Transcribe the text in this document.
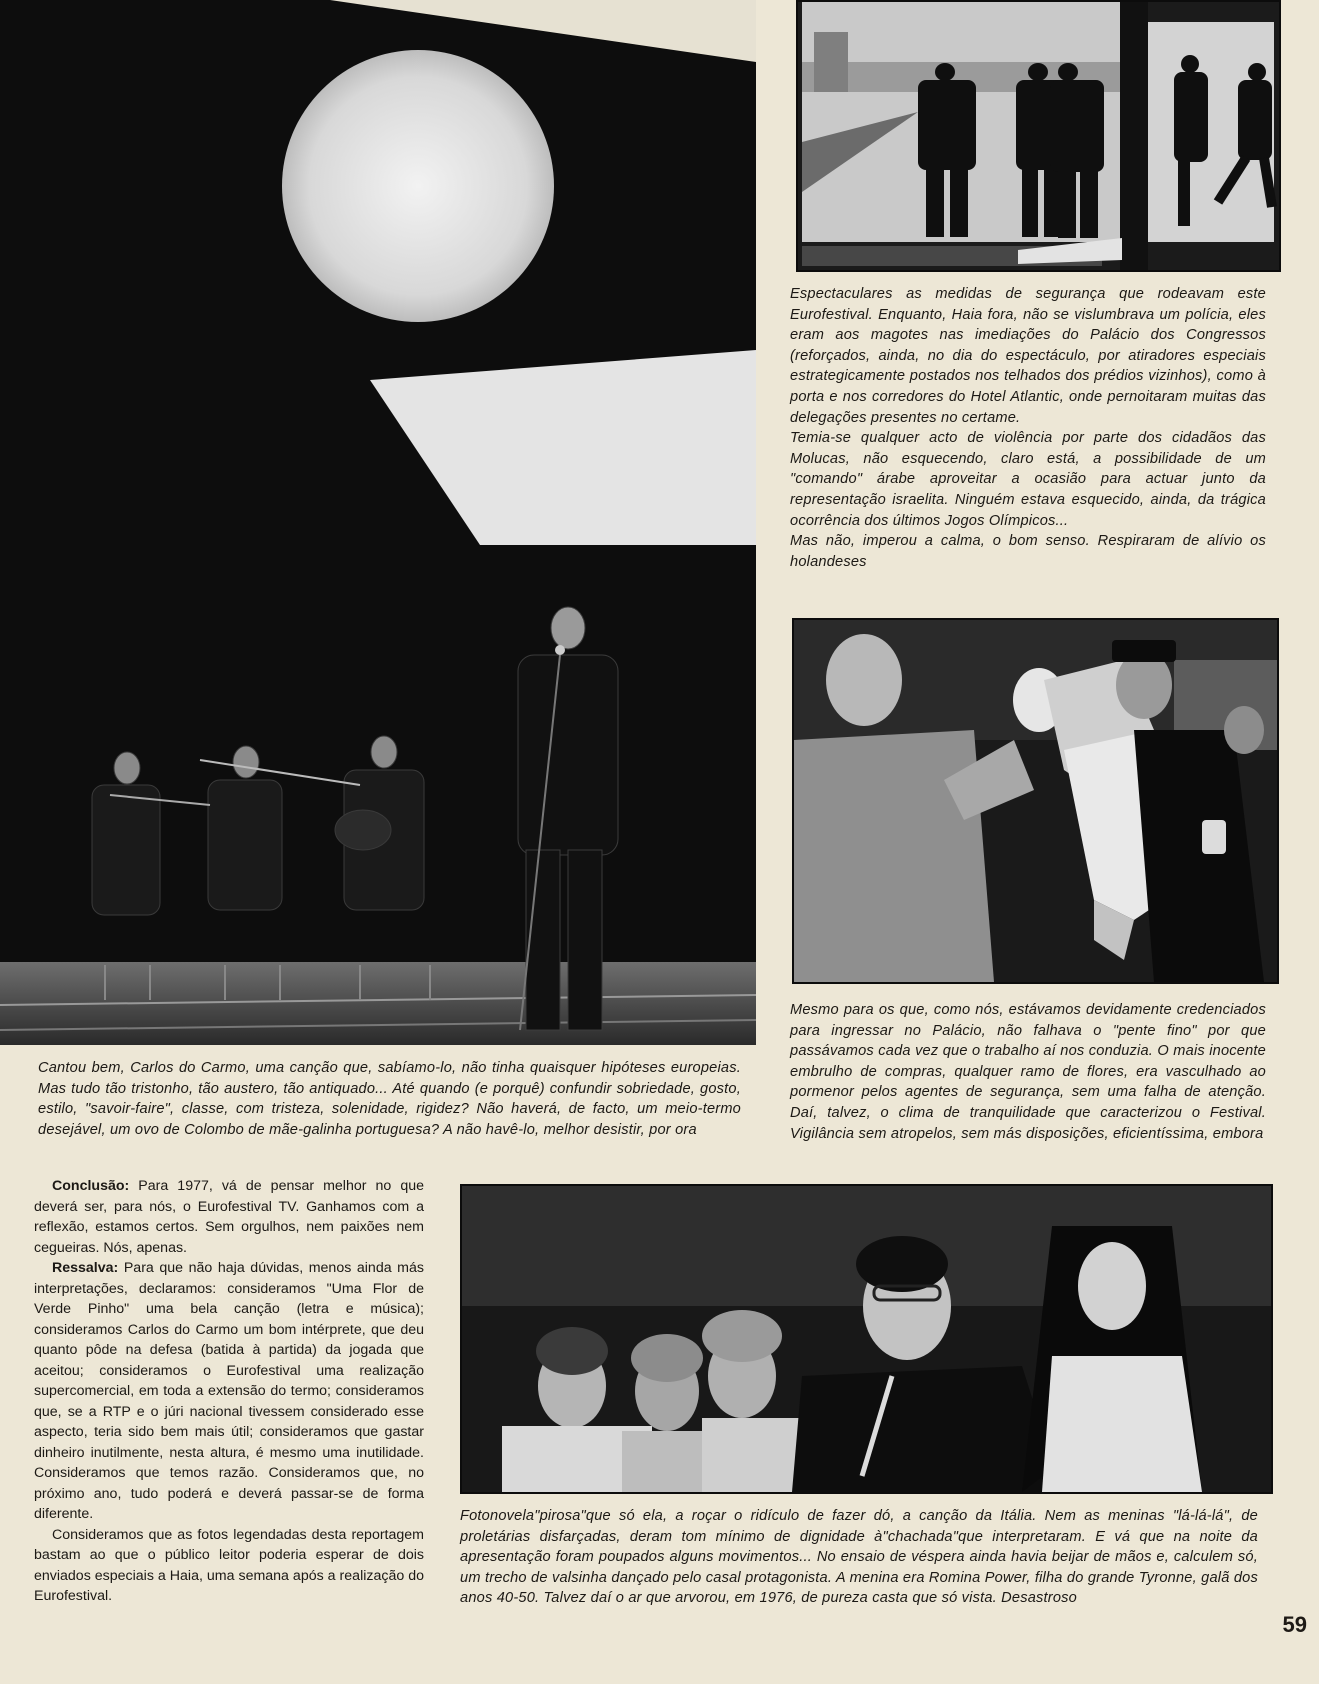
Espectaculares as medidas de segurança que rodeavam este Eurofestival. Enquanto, Haia fora, não se vislumbrava um polícia, eles eram aos magotes nas imediações do Palácio dos Congressos (reforçados, ainda, no dia do espectáculo, por atiradores especiais estrategicamente postados nos telhados dos prédios vizinhos), como à porta e nos corredores do Hotel Atlantic, onde pernoitaram muitas das delegações presentes no certame.
Temia-se qualquer acto de violência por parte dos cidadãos das Molucas, não esquecendo, claro está, a possibilidade de um "comando" árabe aproveitar a ocasião para actuar junto da representação israelita. Ninguém estava esquecido, ainda, da trágica ocorrência dos últimos Jogos Olímpicos...
Mas não, imperou a calma, o bom senso. Respiraram de alívio os holandeses

Mesmo para os que, como nós, estávamos devidamente credenciados para ingressar no Palácio, não falhava o "pente fino" por que passávamos cada vez que o trabalho aí nos conduzia. O mais inocente embrulho de compras, qualquer ramo de flores, era vasculhado ao pormenor pelos agentes de segurança, sem uma falha de atenção. Daí, talvez, o clima de tranquilidade que caracterizou o Festival. Vigilância sem atropelos, sem más disposições, eficientíssima, embora

Cantou bem, Carlos do Carmo, uma canção que, sabíamo-lo, não tinha quaisquer hipóteses europeias. Mas tudo tão tristonho, tão austero, tão antiquado... Até quando (e porquê) confundir sobriedade, gosto, estilo, "savoir-faire", classe, com tristeza, solenidade, rigidez? Não haverá, de facto, um meio-termo desejável, um ovo de Colombo de mãe-galinha portuguesa? A não havê-lo, melhor desistir, por ora

Conclusão: Para 1977, vá de pensar melhor no que deverá ser, para nós, o Eurofestival TV. Ganhamos com a reflexão, estamos certos. Sem orgulhos, nem paixões nem cegueiras. Nós, apenas.

Ressalva: Para que não haja dúvidas, menos ainda más interpretações, declaramos: consideramos "Uma Flor de Verde Pinho" uma bela canção (letra e música); consideramos Carlos do Carmo um bom intérprete, que deu quanto pôde na defesa (batida à partida) da jogada que aceitou; consideramos o Eurofestival uma realização supercomercial, em toda a extensão do termo; consideramos que, se a RTP e o júri nacional tivessem considerado esse aspecto, teria sido bem mais útil; consideramos que gastar dinheiro inutilmente, nesta altura, é mesmo uma inutilidade. Consideramos que temos razão. Consideramos que, no próximo ano, tudo poderá e deverá passar-se de forma diferente.

Consideramos que as fotos legendadas desta reportagem bastam ao que o público leitor poderia esperar de dois enviados especiais a Haia, uma semana após a realização do Eurofestival.

Fotonovela"pirosa"que só ela, a roçar o ridículo de fazer dó, a canção da Itália. Nem as meninas "lá-lá-lá", de proletárias disfarçadas, deram tom mínimo de dignidade à"chachada"que interpretaram. E vá que na noite da apresentação foram poupados alguns movimentos... No ensaio de véspera ainda havia beijar de mãos e, calculem só, um trecho de valsinha dançado pelo casal protagonista. A menina era Romina Power, filha do grande Tyronne, galã dos anos 40-50. Talvez daí o ar que arvorou, em 1976, de pureza casta que só vista. Desastroso

59
